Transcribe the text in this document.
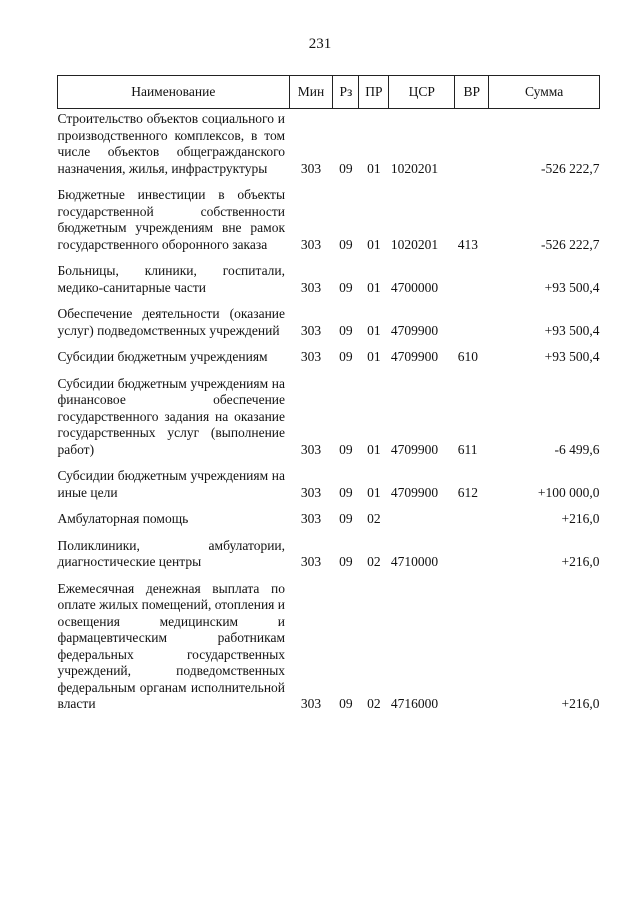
231
Наименование	Мин	Рз	ПР	ЦСР	ВР	Сумма
Строительство объектов социального и производственного комплексов, в том числе объектов общегражданского назначения, жилья, инфраструктуры	303	09	01	1020201		-526 222,7
Бюджетные инвестиции в объекты государственной собственности бюджетным учреждениям вне рамок государственного оборонного заказа	303	09	01	1020201	413	-526 222,7
Больницы, клиники, госпитали, медико-санитарные части	303	09	01	4700000		+93 500,4
Обеспечение деятельности (оказание услуг) подведомственных учреждений	303	09	01	4709900		+93 500,4
Субсидии бюджетным учреждениям	303	09	01	4709900	610	+93 500,4
Субсидии бюджетным учреждениям на финансовое обеспечение государственного задания на оказание государственных услуг (выполнение работ)	303	09	01	4709900	611	-6 499,6
Субсидии бюджетным учреждениям на иные цели	303	09	01	4709900	612	+100 000,0
Амбулаторная помощь	303	09	02			+216,0
Поликлиники, амбулатории, диагностические центры	303	09	02	4710000		+216,0
Ежемесячная денежная выплата по оплате жилых помещений, отопления и освещения медицинским и фармацевтическим работникам федеральных государственных учреждений, подведомственных федеральным органам исполнительной власти	303	09	02	4716000		+216,0
